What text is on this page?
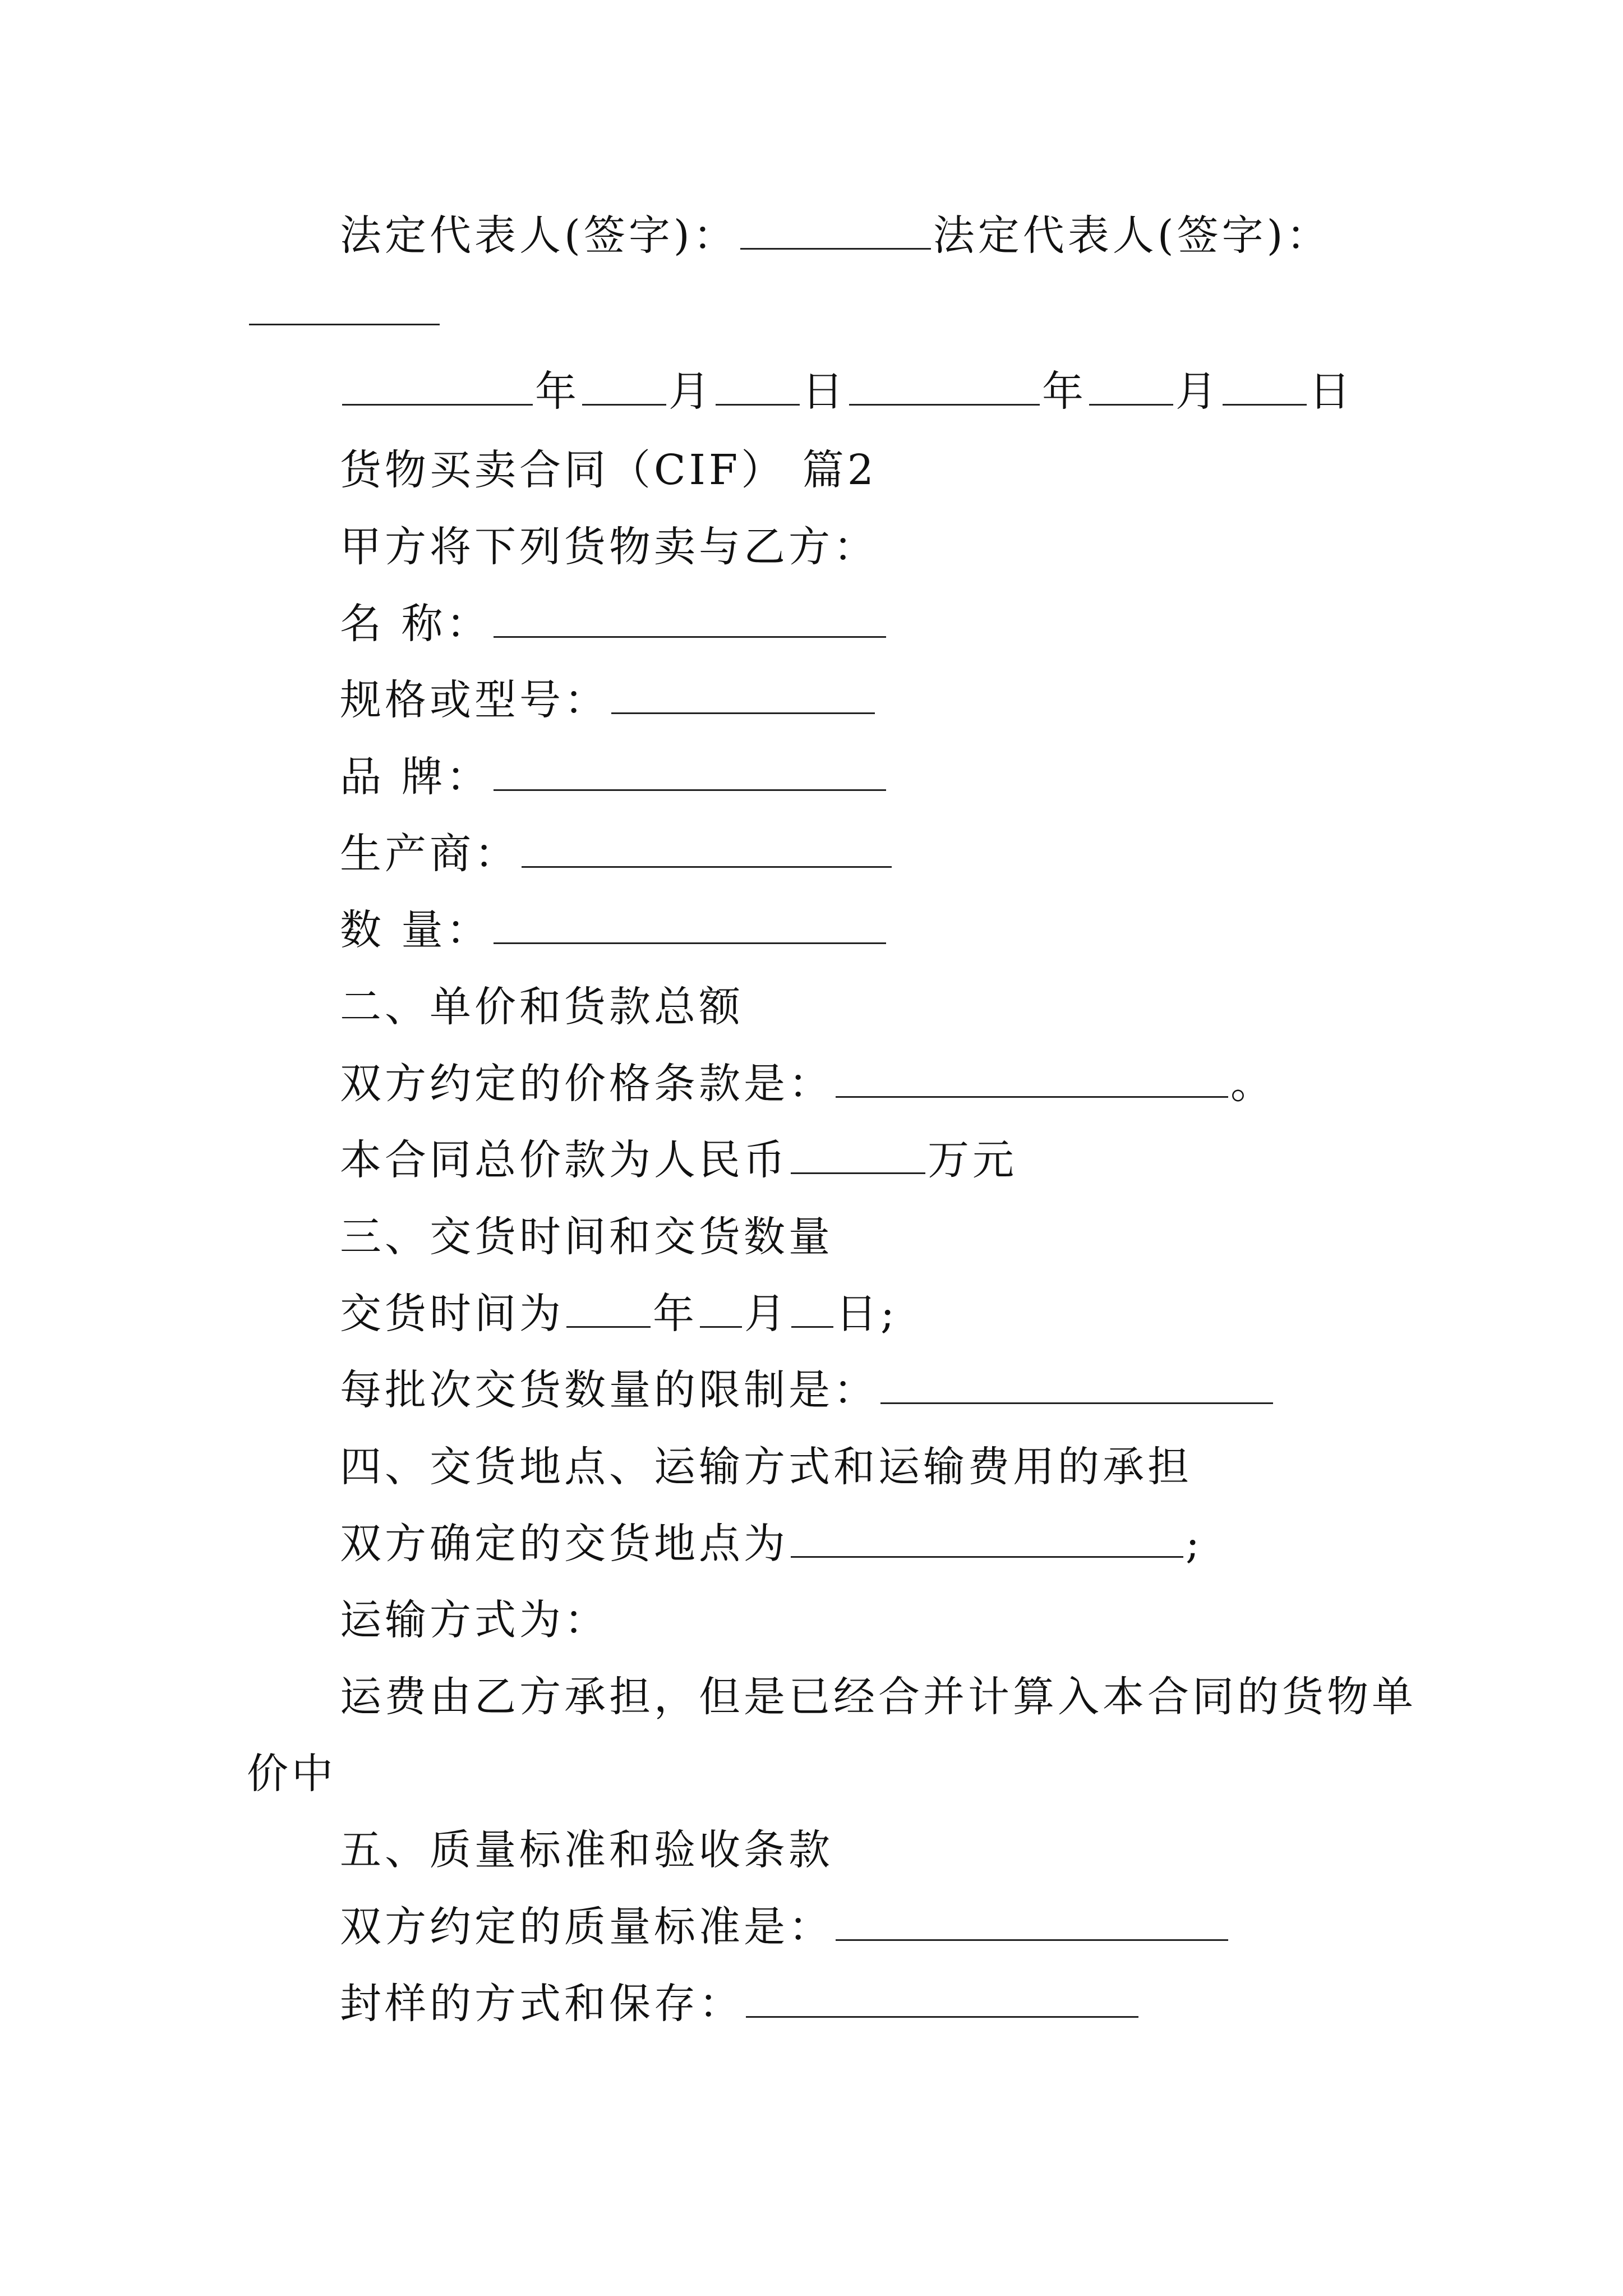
法定代表人(签字)：	法定代表人(签字)：
年 月 日	年 月 日
货物买卖合同（CIF） 篇2
甲方将下列货物卖与乙方：
名 称：
规格或型号：
品 牌：
生产商：
数 量：
二、单价和货款总额
双方约定的价格条款是：	。
本合同总价款为人民币	万元
三、交货时间和交货数量
交货时间为 年 月 日;
每批次交货数量的限制是：
四、交货地点、运输方式和运输费用的承担
双方确定的交货地点为	;
运输方式为：
运费由乙方承担，但是已经合并计算入本合同的货物单
价中
五、质量标准和验收条款
双方约定的质量标准是：
封样的方式和保存：
